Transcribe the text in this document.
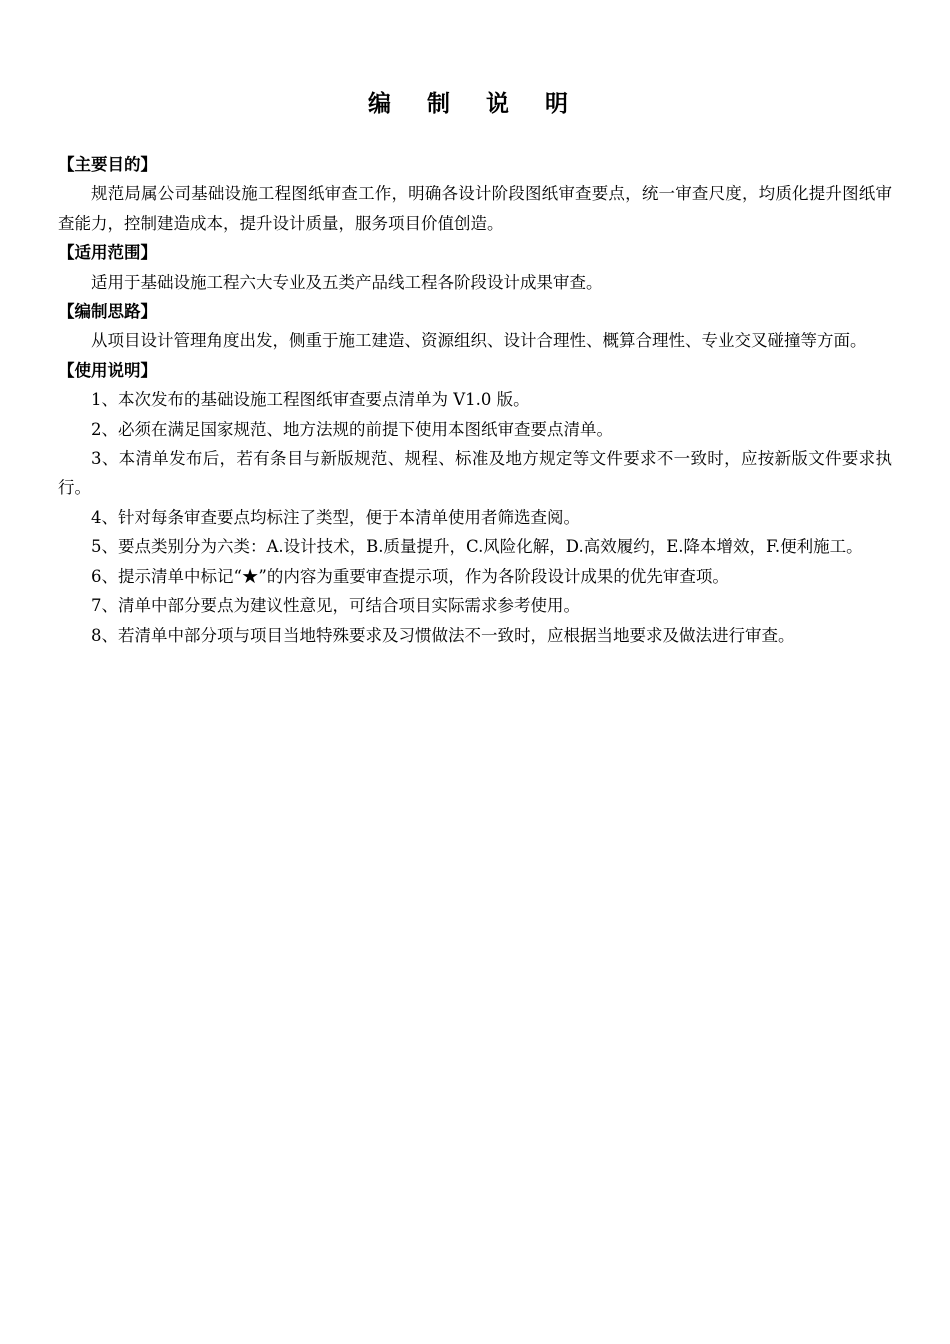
编 制 说 明

【主要目的】

规范局属公司基础设施工程图纸审查工作，明确各设计阶段图纸审查要点，统一审查尺度，均质化提升图纸审查能力，控制建造成本，提升设计质量，服务项目价值创造。

【适用范围】

适用于基础设施工程六大专业及五类产品线工程各阶段设计成果审查。

【编制思路】

从项目设计管理角度出发，侧重于施工建造、资源组织、设计合理性、概算合理性、专业交叉碰撞等方面。

【使用说明】

1、本次发布的基础设施工程图纸审查要点清单为 V1.0 版。

2、必须在满足国家规范、地方法规的前提下使用本图纸审查要点清单。

3、本清单发布后，若有条目与新版规范、规程、标准及地方规定等文件要求不一致时，应按新版文件要求执行。

4、针对每条审查要点均标注了类型，便于本清单使用者筛选查阅。

5、要点类别分为六类：A.设计技术，B.质量提升，C.风险化解，D.高效履约，E.降本增效，F.便利施工。

6、提示清单中标记“★”的内容为重要审查提示项，作为各阶段设计成果的优先审查项。

7、清单中部分要点为建议性意见，可结合项目实际需求参考使用。

8、若清单中部分项与项目当地特殊要求及习惯做法不一致时，应根据当地要求及做法进行审查。
